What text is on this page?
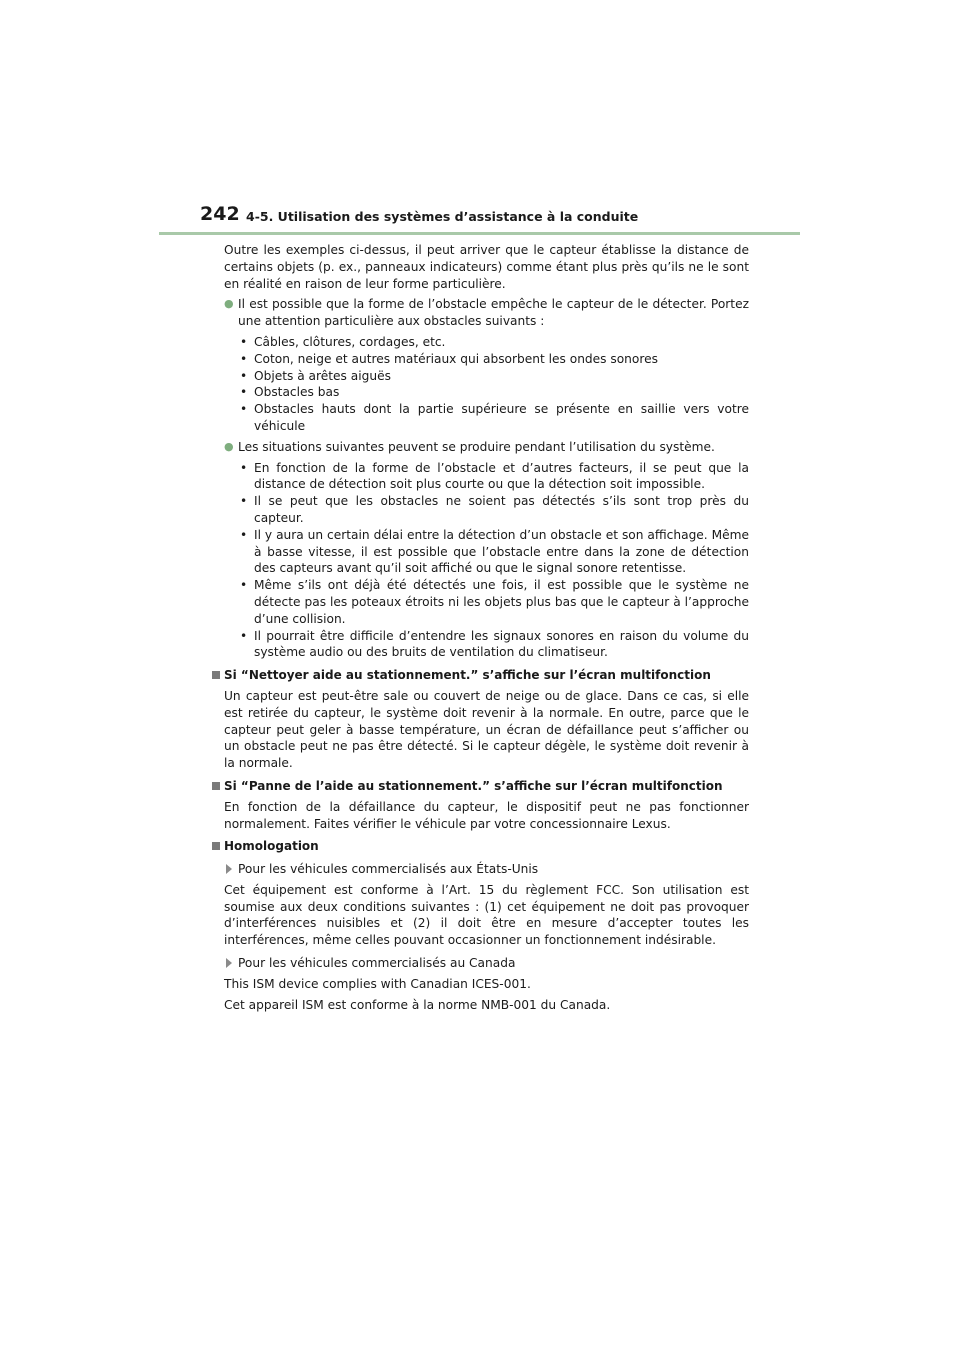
242 4-5. Utilisation des systèmes d’assistance à la conduite

Outre les exemples ci-dessus, il peut arriver que le capteur établisse la distance de certains objets (p. ex., panneaux indicateurs) comme étant plus près qu’ils ne le sont en réalité en raison de leur forme particulière.

● Il est possible que la forme de l’obstacle empêche le capteur de le détecter. Portez une attention particulière aux obstacles suivants :
• Câbles, clôtures, cordages, etc.
• Coton, neige et autres matériaux qui absorbent les ondes sonores
• Objets à arêtes aiguës
• Obstacles bas
• Obstacles hauts dont la partie supérieure se présente en saillie vers votre véhicule
● Les situations suivantes peuvent se produire pendant l’utilisation du système.
• En fonction de la forme de l’obstacle et d’autres facteurs, il se peut que la distance de détection soit plus courte ou que la détection soit impossible.
• Il se peut que les obstacles ne soient pas détectés s’ils sont trop près du capteur.
• Il y aura un certain délai entre la détection d’un obstacle et son affichage. Même à basse vitesse, il est possible que l’obstacle entre dans la zone de détection des capteurs avant qu’il soit affiché ou que le signal sonore retentisse.
• Même s’ils ont déjà été détectés une fois, il est possible que le système ne détecte pas les poteaux étroits ni les objets plus bas que le capteur à l’approche d’une collision.
• Il pourrait être difficile d’entendre les signaux sonores en raison du volume du système audio ou des bruits de ventilation du climatiseur.
Si “Nettoyer aide au stationnement.” s’affiche sur l’écran multifonction

Un capteur est peut-être sale ou couvert de neige ou de glace. Dans ce cas, si elle est retirée du capteur, le système doit revenir à la normale. En outre, parce que le capteur peut geler à basse température, un écran de défaillance peut s’afficher ou un obstacle peut ne pas être détecté. Si le capteur dégèle, le système doit revenir à la normale.

Si “Panne de l’aide au stationnement.” s’affiche sur l’écran multifonction

En fonction de la défaillance du capteur, le dispositif peut ne pas fonctionner normalement. Faites vérifier le véhicule par votre concessionnaire Lexus.

Homologation
Pour les véhicules commercialisés aux États-Unis

Cet équipement est conforme à l’Art. 15 du règlement FCC. Son utilisation est soumise aux deux conditions suivantes : (1) cet équipement ne doit pas provoquer d’interférences nuisibles et (2) il doit être en mesure d’accepter toutes les interférences, même celles pouvant occasionner un fonctionnement indésirable.

Pour les véhicules commercialisés au Canada

This ISM device complies with Canadian ICES-001.

Cet appareil ISM est conforme à la norme NMB-001 du Canada.
